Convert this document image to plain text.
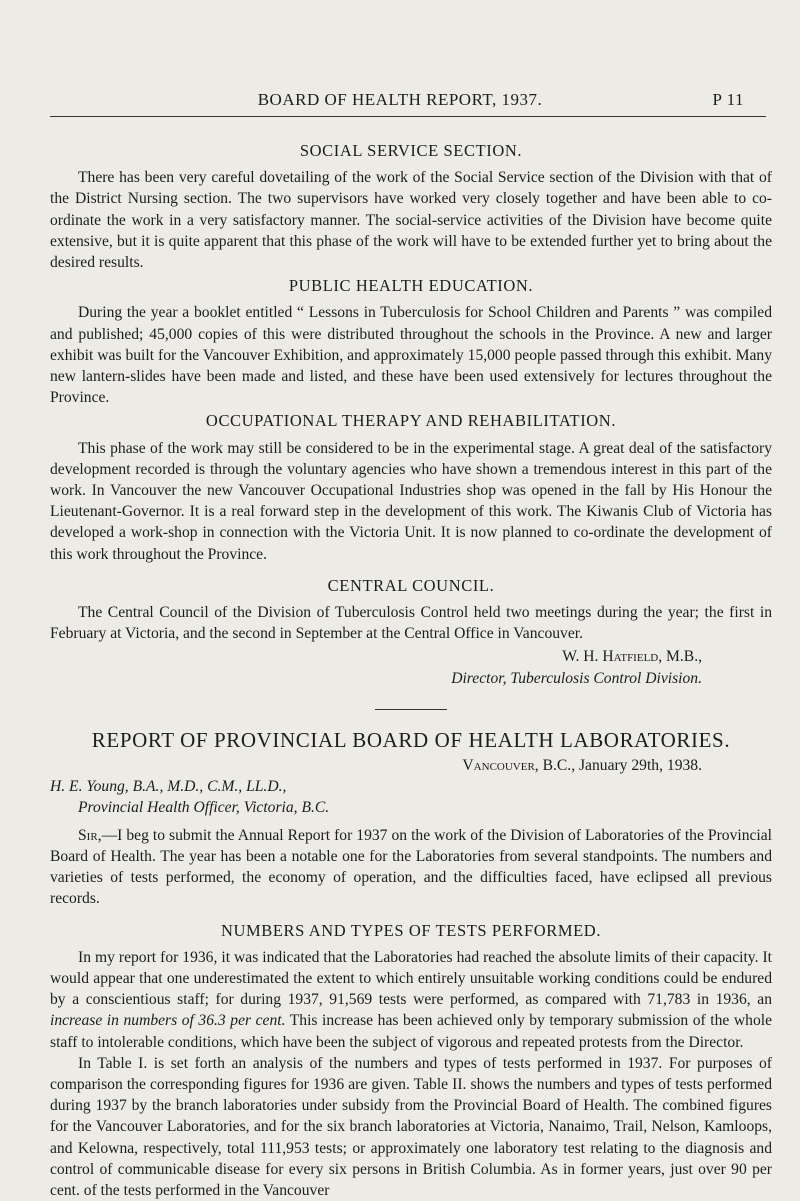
BOARD OF HEALTH REPORT, 1937.	P 11
SOCIAL SERVICE SECTION.

There has been very careful dovetailing of the work of the Social Service section of the Division with that of the District Nursing section. The two supervisors have worked very closely together and have been able to co-ordinate the work in a very satisfactory manner. The social-service activities of the Division have become quite extensive, but it is quite apparent that this phase of the work will have to be extended further yet to bring about the desired results.

PUBLIC HEALTH EDUCATION.

During the year a booklet entitled “ Lessons in Tuberculosis for School Children and Parents ” was compiled and published; 45,000 copies of this were distributed throughout the schools in the Province. A new and larger exhibit was built for the Vancouver Exhibition, and approximately 15,000 people passed through this exhibit. Many new lantern-slides have been made and listed, and these have been used extensively for lectures throughout the Province.

OCCUPATIONAL THERAPY AND REHABILITATION.

This phase of the work may still be considered to be in the experimental stage. A great deal of the satisfactory development recorded is through the voluntary agencies who have shown a tremendous interest in this part of the work. In Vancouver the new Vancouver Occupational Industries shop was opened in the fall by His Honour the Lieutenant-Governor. It is a real forward step in the development of this work. The Kiwanis Club of Victoria has developed a work-shop in connection with the Victoria Unit. It is now planned to co-ordinate the development of this work throughout the Province.

CENTRAL COUNCIL.

The Central Council of the Division of Tuberculosis Control held two meetings during the year; the first in February at Victoria, and the second in September at the Central Office in Vancouver.

W. H. Hatfield, M.B.,
Director, Tuberculosis Control Division.
REPORT OF PROVINCIAL BOARD OF HEALTH LABORATORIES.
Vancouver, B.C., January 29th, 1938.
H. E. Young, B.A., M.D., C.M., LL.D.,
Provincial Health Officer, Victoria, B.C.

Sir,—I beg to submit the Annual Report for 1937 on the work of the Division of Laboratories of the Provincial Board of Health. The year has been a notable one for the Laboratories from several standpoints. The numbers and varieties of tests performed, the economy of operation, and the difficulties faced, have eclipsed all previous records.

NUMBERS AND TYPES OF TESTS PERFORMED.

In my report for 1936, it was indicated that the Laboratories had reached the absolute limits of their capacity. It would appear that one underestimated the extent to which entirely unsuitable working conditions could be endured by a conscientious staff; for during 1937, 91,569 tests were performed, as compared with 71,783 in 1936, an increase in numbers of 36.3 per cent. This increase has been achieved only by temporary submission of the whole staff to intolerable conditions, which have been the subject of vigorous and repeated protests from the Director.

In Table I. is set forth an analysis of the numbers and types of tests performed in 1937. For purposes of comparison the corresponding figures for 1936 are given. Table II. shows the numbers and types of tests performed during 1937 by the branch laboratories under subsidy from the Provincial Board of Health. The combined figures for the Vancouver Laboratories, and for the six branch laboratories at Victoria, Nanaimo, Trail, Nelson, Kamloops, and Kelowna, respectively, total 111,953 tests; or approximately one laboratory test relating to the diagnosis and control of communicable disease for every six persons in British Columbia. As in former years, just over 90 per cent. of the tests performed in the Vancouver
